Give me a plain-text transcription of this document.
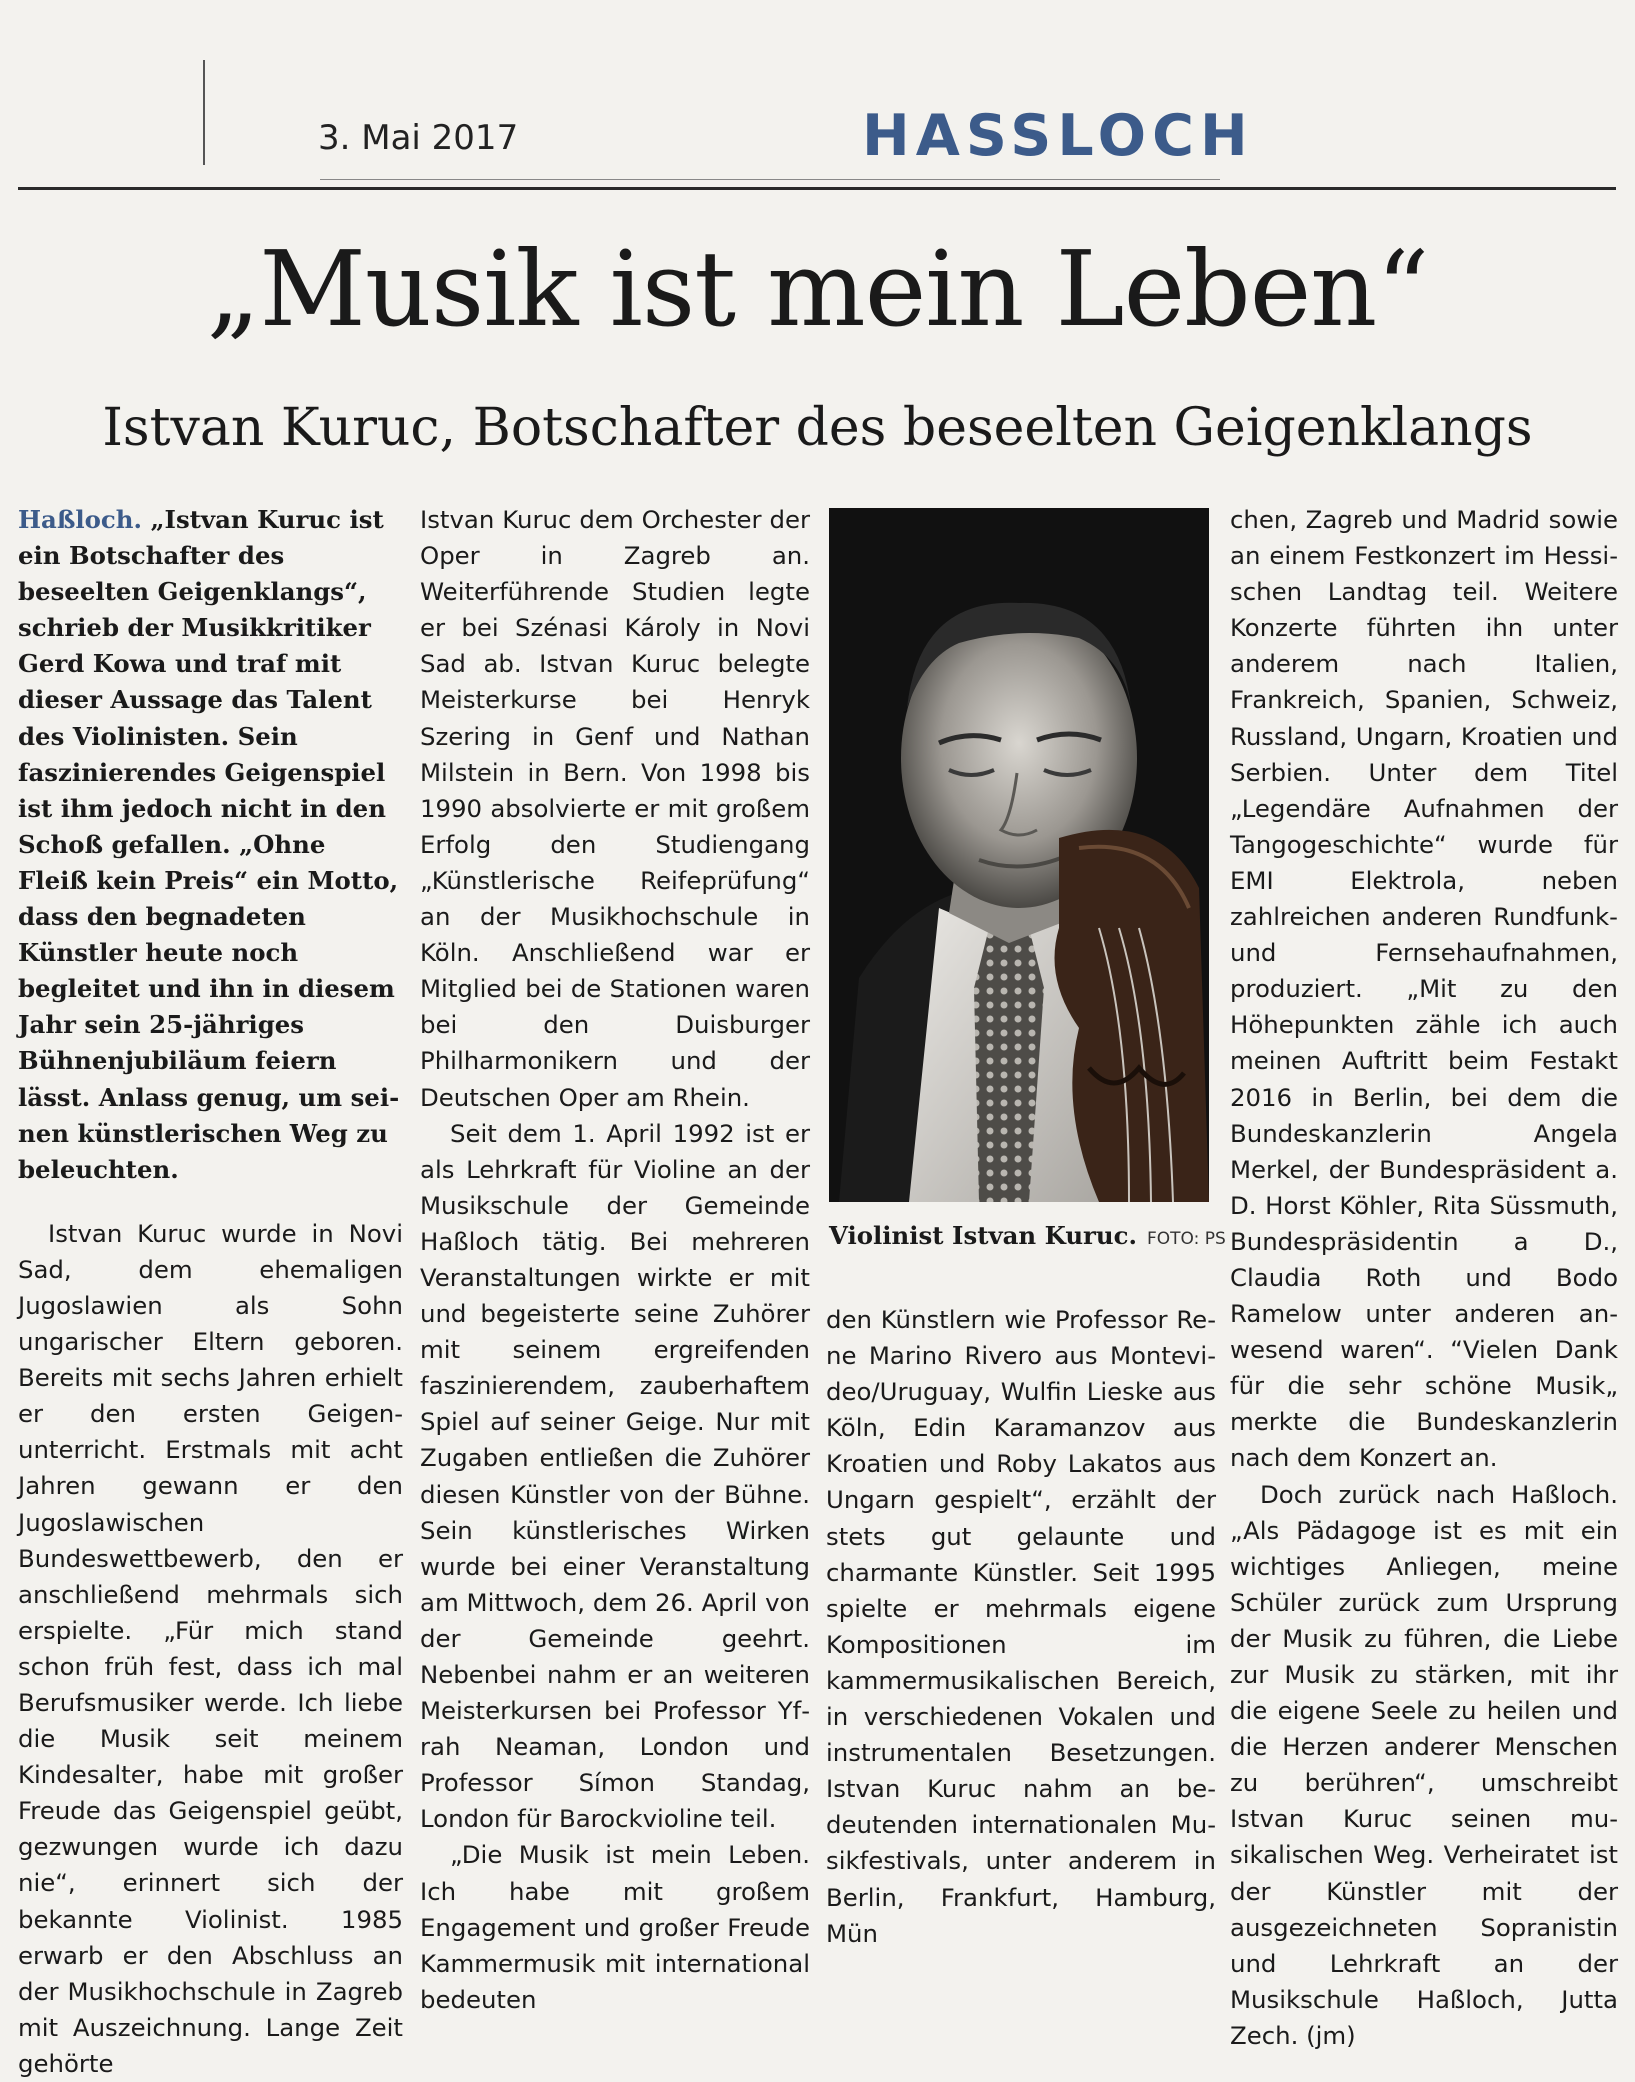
3. Mai 2017	HASSLOCH
„Musik ist mein Leben“
Istvan Kuruc, Botschafter des beseelten Geigenklangs

Haßloch. „Istvan Kuruc ist ein Botschafter des beseelten Geigenklangs“, schrieb der Musikkritiker Gerd Kowa und traf mit dieser Aussage das Talent des Violinisten. Sein faszinierendes Geigenspiel ist ihm jedoch nicht in den Schoß gefallen. „Ohne Fleiß kein Preis“ ein Motto, dass den begnadeten Künstler heute noch begleitet und ihn in diesem Jahr sein 25-jähriges Bühnenjubiläum feiern lässt. Anlass genug, um seinen künstlerischen Weg zu beleuchten.

Istvan Kuruc wurde in Novi Sad, dem ehemaligen Jugoslawien als Sohn ungarischer Eltern geboren. Bereits mit sechs Jahren erhielt er den ersten Geigenunterricht. Erstmals mit acht Jahren gewann er den Jugoslawischen Bundeswettbewerb, den er anschließend mehrmals sich erspielte. „Für mich stand schon früh fest, dass ich mal Berufsmusiker werde. Ich liebe die Musik seit meinem Kindesalter, habe mit großer Freude das Geigenspiel geübt, gezwungen wurde ich dazu nie“, erinnert sich der bekannte Violinist. 1985 erwarb er den Abschluss an der Musikhochschule in Zagreb mit Auszeichnung. Lange Zeit gehörte

Istvan Kuruc dem Orchester der Oper in Zagreb an. Weiterführende Studien legte er bei Szénasi Károly in Novi Sad ab. Istvan Kuruc belegte Meisterkurse bei Henryk Szering in Genf und Nathan Milstein in Bern. Von 1998 bis 1990 absolvierte er mit großem Erfolg den Studiengang „Künstlerische Reifeprüfung“ an der Musikhochschule in Köln. Anschließend war er Mitglied bei de Stationen waren bei den Duisburger Philharmonikern und der Deutschen Oper am Rhein.

Seit dem 1. April 1992 ist er als Lehrkraft für Violine an der Musikschule der Gemeinde Haßloch tätig. Bei mehreren Veranstaltungen wirkte er mit und begeisterte seine Zuhörer mit seinem ergreifenden faszinierendem, zauberhaftem Spiel auf seiner Geige. Nur mit Zugaben entließen die Zuhörer diesen Künstler von der Bühne. Sein künstlerisches Wirken wurde bei einer Veranstaltung am Mittwoch, dem 26. April von der Gemeinde geehrt. Nebenbei nahm er an weiteren Meisterkursen bei Professor Yfrah Neaman, London und Professor Símon Standag, London für Barockvioline teil.

„Die Musik ist mein Leben. Ich habe mit großem Engagement und großer Freude Kammermusik mit international bedeuten

Violinist Istvan Kuruc. FOTO: PS

den Künstlern wie Professor Rene Marino Rivero aus Montevideo/Uruguay, Wulfin Lieske aus Köln, Edin Karamanzov aus Kroatien und Roby Lakatos aus Ungarn gespielt“, erzählt der stets gut gelaunte und charmante Künstler. Seit 1995 spielte er mehrmals eigene Kompositionen im kammermusikalischen Bereich, in verschiedenen Vokalen und instrumentalen Besetzungen. Istvan Kuruc nahm an bedeutenden internationalen Musikfestivals, unter anderem in Berlin, Frankfurt, Hamburg, Mün

chen, Zagreb und Madrid sowie an einem Festkonzert im Hessischen Landtag teil. Weitere Konzerte führten ihn unter anderem nach Italien, Frankreich, Spanien, Schweiz, Russland, Ungarn, Kroatien und Serbien. Unter dem Titel „Legendäre Aufnahmen der Tangogeschichte“ wurde für EMI Elektrola, neben zahlreichen anderen Rundfunk- und Fernsehaufnahmen, produziert. „Mit zu den Höhepunkten zähle ich auch meinen Auftritt beim Festakt 2016 in Berlin, bei dem die Bundeskanzlerin Angela Merkel, der Bundespräsident a. D. Horst Köhler, Rita Süssmuth, Bundespräsidentin a D., Claudia Roth und Bodo Ramelow unter anderen anwesend waren“. “Vielen Dank für die sehr schöne Musik„ merkte die Bundeskanzlerin nach dem Konzert an.

Doch zurück nach Haßloch. „Als Pädagoge ist es mit ein wichtiges Anliegen, meine Schüler zurück zum Ursprung der Musik zu führen, die Liebe zur Musik zu stärken, mit ihr die eigene Seele zu heilen und die Herzen anderer Menschen zu berühren“, umschreibt Istvan Kuruc seinen musikalischen Weg. Verheiratet ist der Künstler mit der ausgezeichneten Sopranistin und Lehrkraft an der Musikschule Haßloch, Jutta Zech. (jm)
